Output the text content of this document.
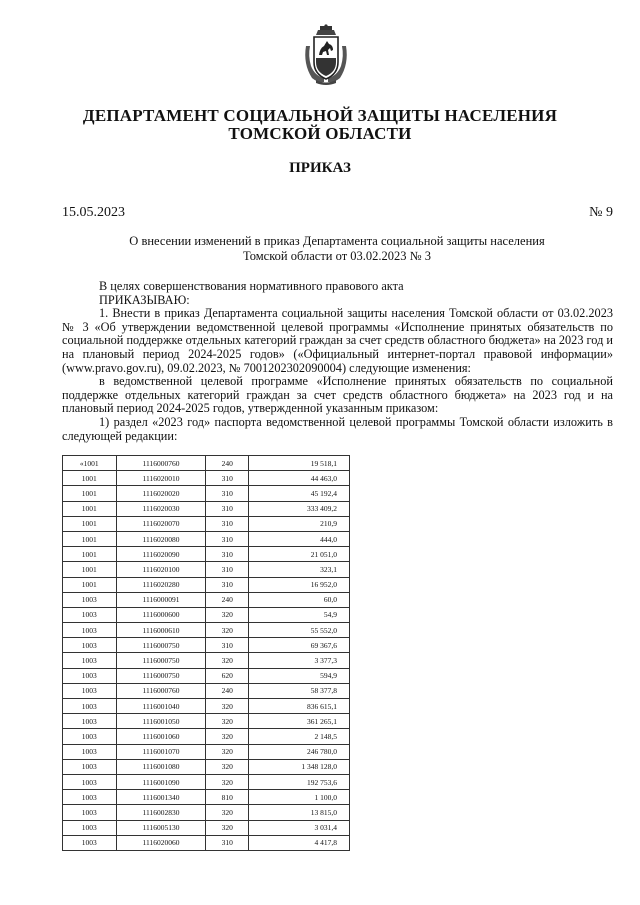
ДЕПАРТАМЕНТ СОЦИАЛЬНОЙ ЗАЩИТЫ НАСЕЛЕНИЯ
ТОМСКОЙ ОБЛАСТИ
ПРИКАЗ
15.05.2023	№ 9
О внесении изменений в приказ Департамента социальной защиты населения
Томской области от 03.02.2023 № 3

В целях совершенствования нормативного правового акта

ПРИКАЗЫВАЮ:

1. Внести в приказ Департамента социальной защиты населения Томской области от 03.02.2023 № 3 «Об утверждении ведомственной целевой программы «Исполнение принятых обязательств по социальной поддержке отдельных категорий граждан за счет средств областного бюджета» на 2023 год и на плановый период 2024-2025 годов» («Официальный интернет-портал правовой информации» (www.pravo.gov.ru), 09.02.2023, № 7001202302090004) следующие изменения:

в ведомственной целевой программе «Исполнение принятых обязательств по социальной поддержке отдельных категорий граждан за счет средств областного бюджета» на 2023 год и на плановый период 2024-2025 годов, утвержденной указанным приказом:

1) раздел «2023 год» паспорта ведомственной целевой программы Томской области изложить в следующей редакции:

«1001	1116000760	240	19 518,1
1001	1116020010	310	44 463,0
1001	1116020020	310	45 192,4
1001	1116020030	310	333 409,2
1001	1116020070	310	210,9
1001	1116020080	310	444,0
1001	1116020090	310	21 051,0
1001	1116020100	310	323,1
1001	1116020280	310	16 952,0
1003	1116000091	240	60,0
1003	1116000600	320	54,9
1003	1116000610	320	55 552,0
1003	1116000750	310	69 367,6
1003	1116000750	320	3 377,3
1003	1116000750	620	594,9
1003	1116000760	240	58 377,8
1003	1116001040	320	836 615,1
1003	1116001050	320	361 265,1
1003	1116001060	320	2 148,5
1003	1116001070	320	246 780,0
1003	1116001080	320	1 348 128,0
1003	1116001090	320	192 753,6
1003	1116001340	810	1 100,0
1003	1116002830	320	13 815,0
1003	1116005130	320	3 031,4
1003	1116020060	310	4 417,8
